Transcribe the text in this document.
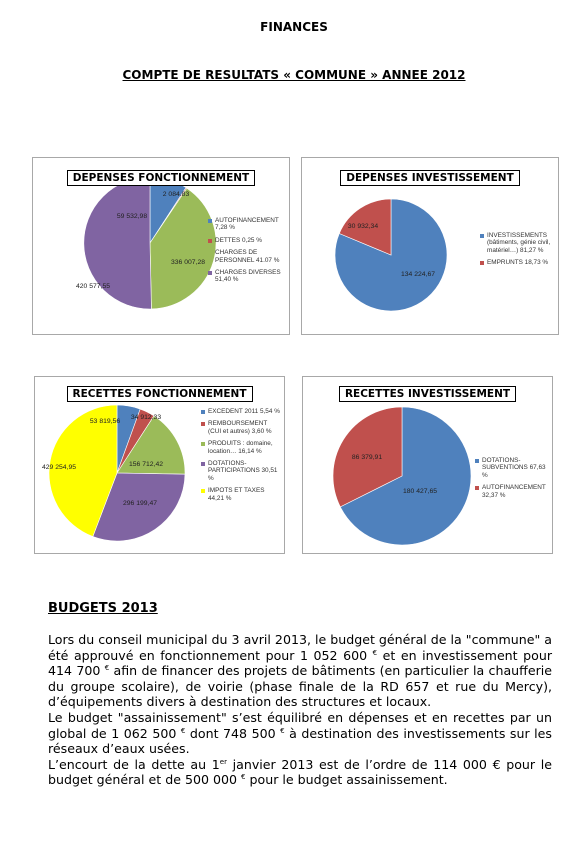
FINANCES
COMPTE DE RESULTATS « COMMUNE » ANNEE 2012
2 084.83
336 007,28
420 577,55
59 532,98
DEPENSES FONCTIONNEMENT
AUTOFINANCEMENT 7,28 %
DETTES 0,25 %
CHARGES DE PERSONNEL 41.07 %
CHARGES DIVERSES 51,40 %
134 224,67
30 932,34
DEPENSES INVESTISSEMENT
INVESTISSEMENTS (bâtiments, génie civil, matériel…) 81,27 %
EMPRUNTS 18,73 %
53 819,56
34 912,33
156 712,42
296 199,47
429 254,95
RECETTES FONCTIONNEMENT
EXCEDENT 2011 5,54 %
REMBOURSEMENT (CUI et autres) 3,60 %
PRODUITS : domaine, location… 16,14 %
DOTATIONS-PARTICIPATIONS 30,51 %
IMPOTS ET TAXES 44,21 %
180 427,65
86 379,91
RECETTES INVESTISSEMENT
DOTATIONS-SUBVENTIONS 67,63 %
AUTOFINANCEMENT 32,37 %
BUDGETS 2013

Lors du conseil municipal du 3 avril 2013, le budget général de la "commune" a été approuvé en fonctionnement pour 1 052 600 € et en investissement pour 414 700 € afin de financer des projets de bâtiments (en particulier la chaufferie du groupe scolaire), de voirie (phase finale de la RD 657 et rue du Mercy), d’équipements divers à destination des structures et locaux.

Le budget "assainissement" s’est équilibré en dépenses et en recettes par un global de 1 062 500 € dont 748 500 € à destination des investissements sur les réseaux d’eaux usées.

L’encourt de la dette au 1er janvier 2013 est de l’ordre de 114 000 € pour le budget général et de 500 000 € pour le budget assainissement.
